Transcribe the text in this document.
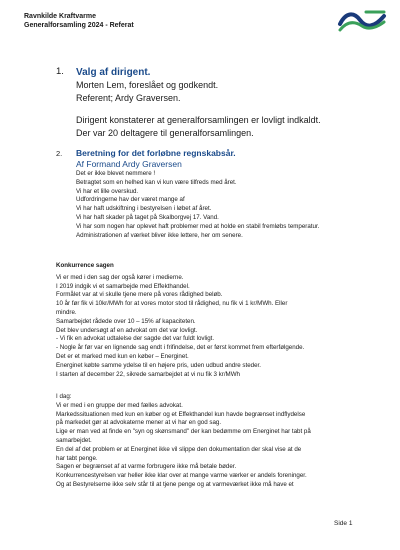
Ravnkilde Kraftvarme
Generalforsamling 2024 - Referat
1. Valg af dirigent.

Morten Lem, foreslået og godkendt.

Referent; Ardy Graversen.

Dirigent konstaterer at generalforsamlingen er lovligt indkaldt.

Der var 20 deltagere til generalforsamlingen.

2. Beretning for det forløbne regnskabsår.

Af Formand Ardy Graversen

Det er ikke blevet nemmere !

Betragtet som en helhed kan vi kun være tilfreds med året.

Vi har et lille overskud.

Udfordringerne hav der været mange af

Vi har haft udskiftning i bestyrelsen i løbet af året.

Vi har haft skader på taget på Skalborgvej 17. Vand.

Vi har som nogen har oplevet haft problemer med at holde en stabil fremløbs temperatur.

Administrationen af værket bliver ikke lettere, her om senere.

Konkurrence sagen

Vi er med i den sag der også kører i medierne.

I 2019 indgik vi et samarbejde med Effekthandel.

Formålet var at vi skulle tjene mere på vores rådighed beløb.

10 år før fik vi 10kr/MWh for at vores motor stod til rådighed, nu fik vi 1 kr/MWh. Eller

mindre.

Samarbejdet rådede over 10 – 15% af kapaciteten.

Det blev undersøgt af en advokat om det var lovligt.

- Vi fik en advokat udtalelse der sagde det var fuldt lovligt.

- Nogle år før var en lignende sag endt i frifindelse, det er først kommet frem efterfølgende.

Det er et marked med kun en køber – Energinet.

Energinet købte samme ydelse til en højere pris, uden udbud andre steder.

I starten af december 22, sikrede samarbejdet at vi nu fik 3 kr/MWh

I dag:

Vi er med i en gruppe der med fælles advokat.

Markedssituationen med kun en køber og et Effekthandel kun havde begrænset indflydelse

på markedet gør at advokaterne mener at vi har en god sag.

Lige er man ved at finde en "syn og skønsmand" der kan bedømme om Energinet har tabt på

samarbejdet.

En del af det problem er at Energinet ikke vil slippe den dokumentation der skal vise at de

har tabt penge.

Sagen er begrænset af at varme forbrugere ikke må betale bøder.

Konkurrencestyrelsen var heller ikke klar over at mange varme værker er andels foreninger.

Og at Bestyrelserne ikke selv står til at tjene penge og at varmeværket ikke må have et

Side 1
